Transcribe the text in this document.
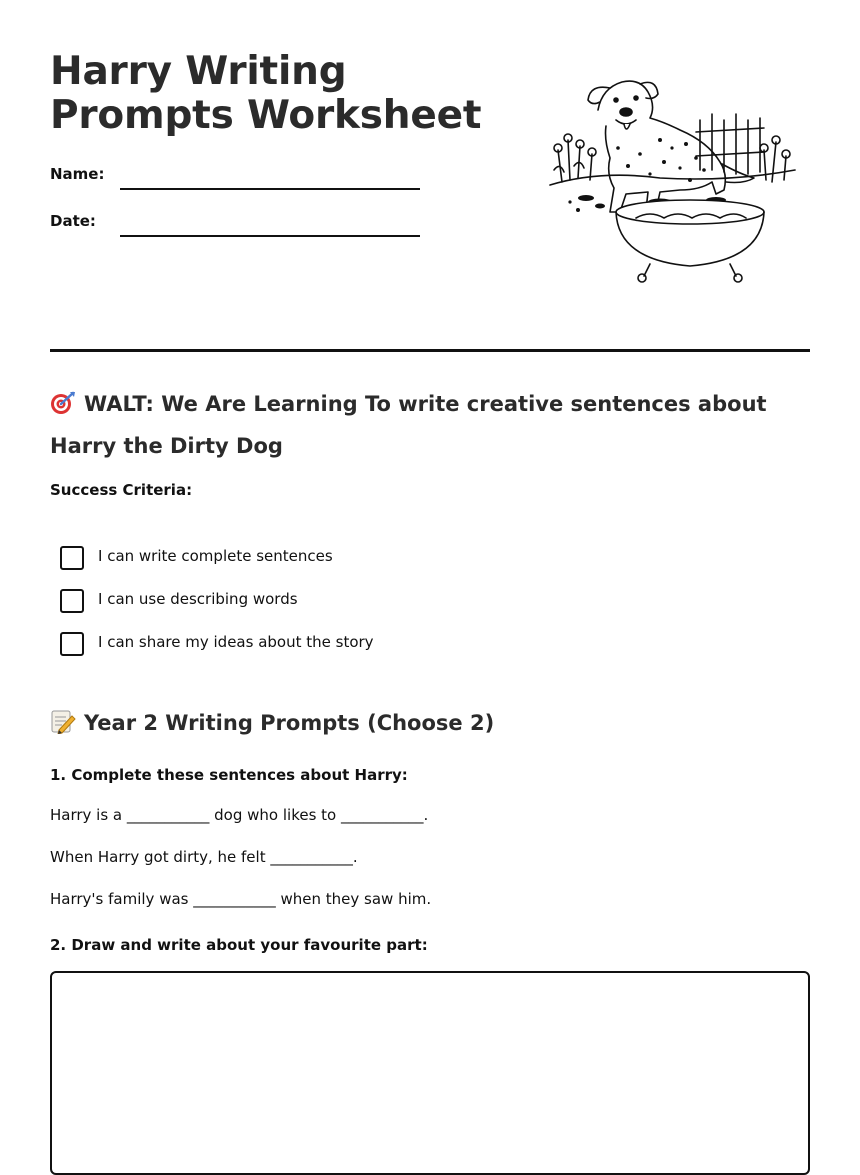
Harry Writing Prompts Worksheet
Name:
Date:
WALT: We Are Learning To write creative sentences about Harry the Dirty Dog
Success Criteria:
I can write complete sentences
I can use describing words
I can share my ideas about the story
Year 2 Writing Prompts (Choose 2)
1. Complete these sentences about Harry:
Harry is a ___________ dog who likes to ___________.
When Harry got dirty, he felt ___________.
Harry's family was ___________ when they saw him.
2. Draw and write about your favourite part:
